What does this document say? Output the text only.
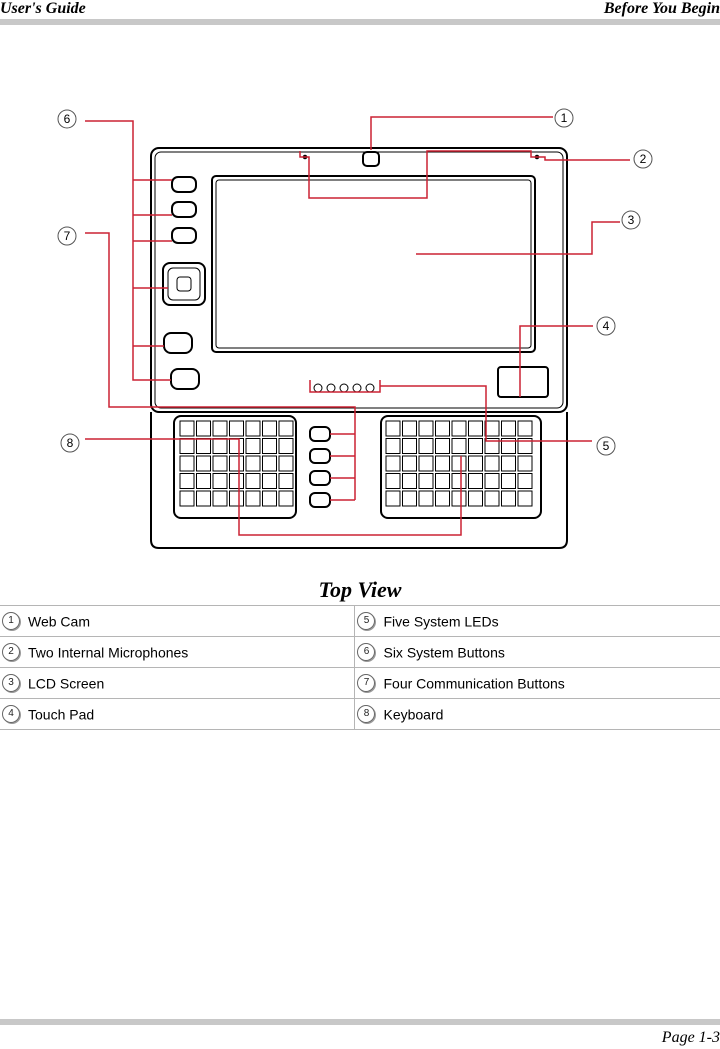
User's Guide	Before You Begin
1
2
3
4
5
6
7
8
Top View
1 Web Cam	5 Five System LEDs
2 Two Internal Microphones	6 Six System Buttons
3 LCD Screen	7 Four Communication Buttons
4 Touch Pad	8 Keyboard
Page 1-3
